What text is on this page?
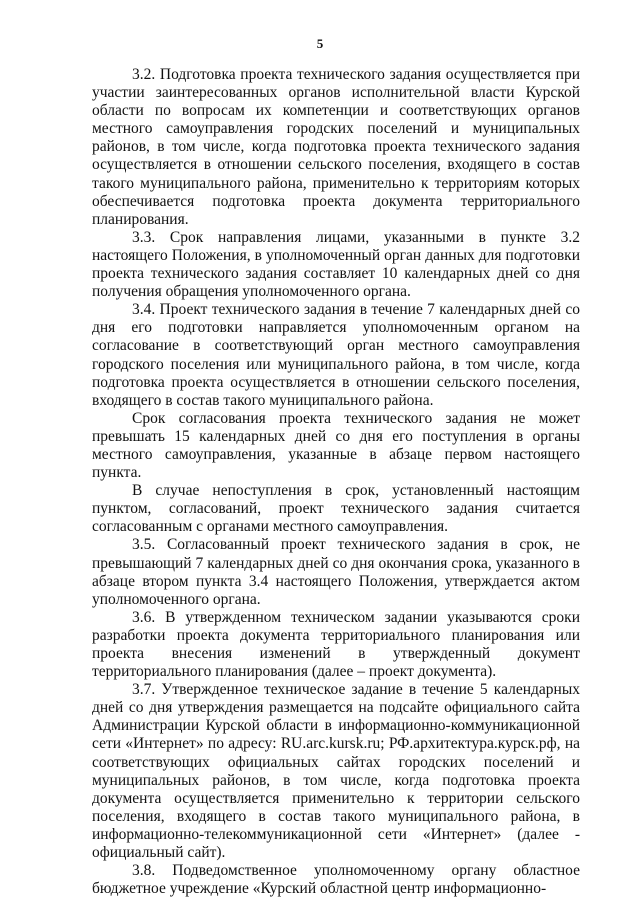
5

3.2. Подготовка проекта технического задания осуществляется при участии заинтересованных органов исполнительной власти Курской области по вопросам их компетенции и соответствующих органов местного самоуправления городских поселений и муниципальных районов, в том числе, когда подготовка проекта технического задания осуществляется в отношении сельского поселения, входящего в состав такого муниципального района, применительно к территориям которых обеспечивается подготовка проекта документа территориального планирования.

3.3. Срок направления лицами, указанными в пункте 3.2 настоящего Положения, в уполномоченный орган данных для подготовки проекта технического задания составляет 10 календарных дней со дня получения обращения уполномоченного органа.

3.4. Проект технического задания в течение 7 календарных дней со дня его подготовки направляется уполномоченным органом на согласование в соответствующий орган местного самоуправления городского поселения или муниципального района, в том числе, когда подготовка проекта осуществляется в отношении сельского поселения, входящего в состав такого муниципального района.

Срок согласования проекта технического задания не может превышать 15 календарных дней со дня его поступления в органы местного самоуправления, указанные в абзаце первом настоящего пункта.

В случае непоступления в срок, установленный настоящим пунктом, согласований, проект технического задания считается согласованным с органами местного самоуправления.

3.5. Согласованный проект технического задания в срок, не превышающий 7 календарных дней со дня окончания срока, указанного в абзаце втором пункта 3.4 настоящего Положения, утверждается актом уполномоченного органа.

3.6. В утвержденном техническом задании указываются сроки разработки проекта документа территориального планирования или проекта внесения изменений в утвержденный документ территориального планирования (далее – проект документа).

3.7. Утвержденное техническое задание в течение 5 календарных дней со дня утверждения размещается на подсайте официального сайта Администрации Курской области в информационно-коммуникационной сети «Интернет» по адресу: RU.arc.kursk.ru; РФ.архитектура.курск.рф, на соответствующих официальных сайтах городских поселений и муниципальных районов, в том числе, когда подготовка проекта документа осуществляется применительно к территории сельского поселения, входящего в состав такого муниципального района, в информационно-телекоммуникационной сети «Интернет» (далее - официальный сайт).

3.8. Подведомственное уполномоченному органу областное бюджетное учреждение «Курский областной центр информационно-
